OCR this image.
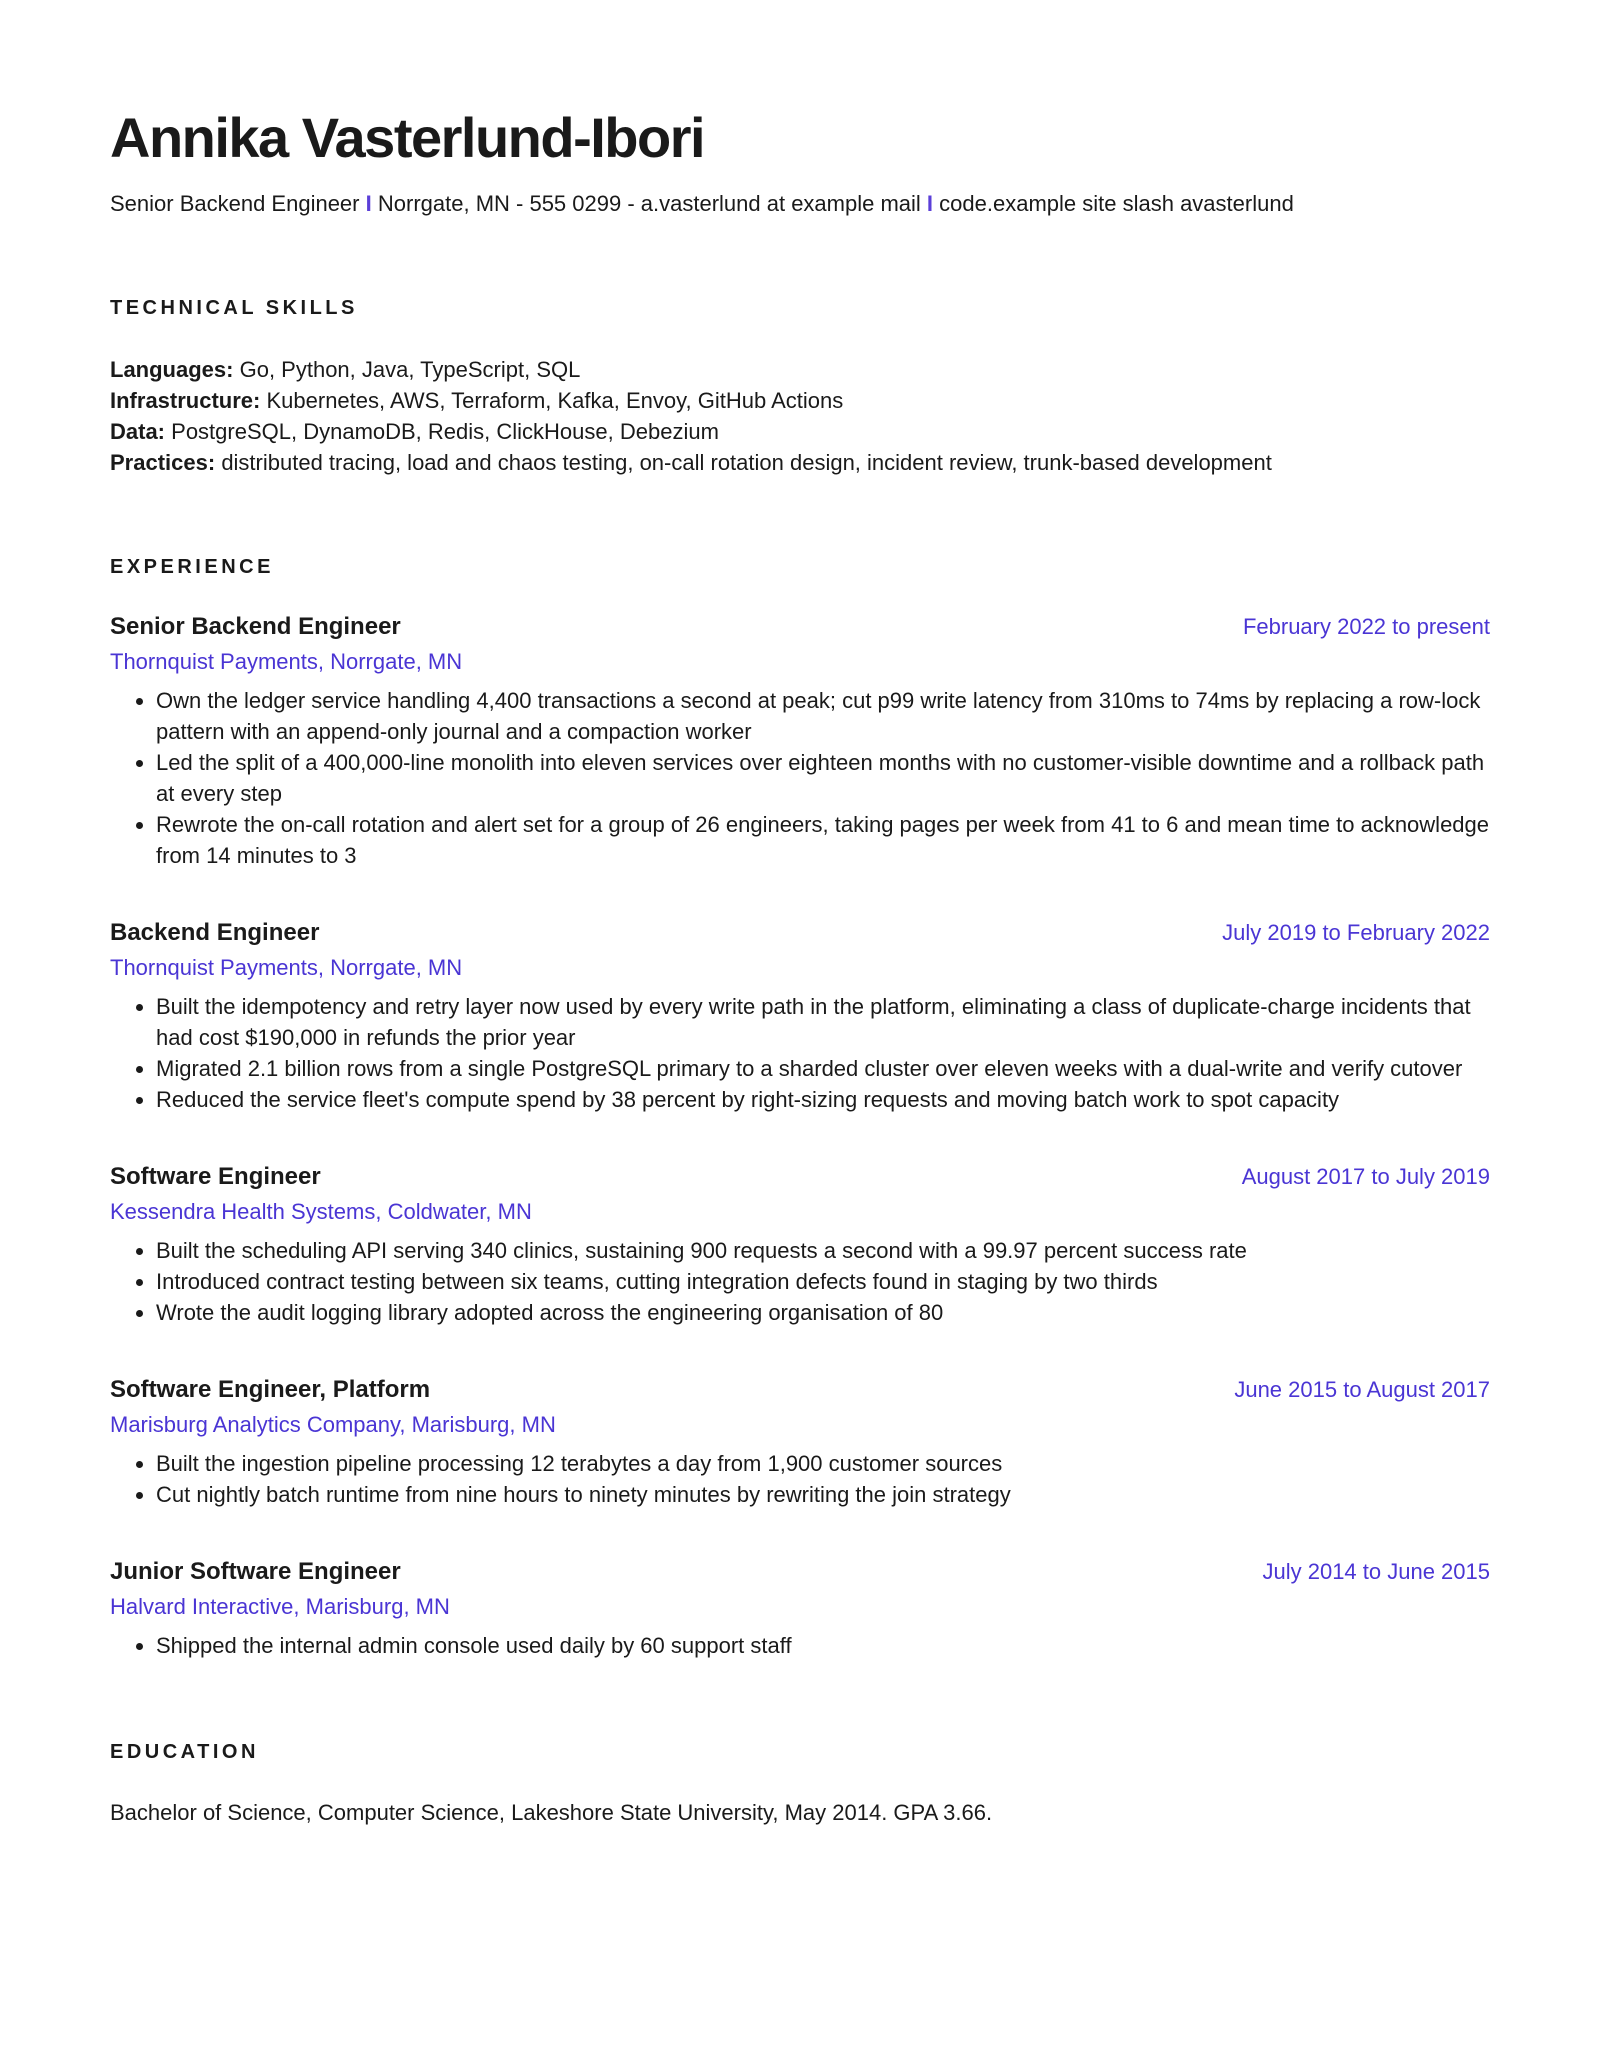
Annika Vasterlund-Ibori
Senior Backend Engineer I Norrgate, MN - 555 0299 - a.vasterlund at example mail I code.example site slash avasterlund
TECHNICAL SKILLS
Languages: Go, Python, Java, TypeScript, SQL
Infrastructure: Kubernetes, AWS, Terraform, Kafka, Envoy, GitHub Actions
Data: PostgreSQL, DynamoDB, Redis, ClickHouse, Debezium
Practices: distributed tracing, load and chaos testing, on-call rotation design, incident review, trunk-based development
EXPERIENCE
Senior Backend Engineer	February 2022 to present
Thornquist Payments, Norrgate, MN
• Own the ledger service handling 4,400 transactions a second at peak; cut p99 write latency from 310ms to 74ms by replacing a row-lock pattern with an append-only journal and a compaction worker
• Led the split of a 400,000-line monolith into eleven services over eighteen months with no customer-visible downtime and a rollback path at every step
• Rewrote the on-call rotation and alert set for a group of 26 engineers, taking pages per week from 41 to 6 and mean time to acknowledge from 14 minutes to 3
Backend Engineer	July 2019 to February 2022
Thornquist Payments, Norrgate, MN
• Built the idempotency and retry layer now used by every write path in the platform, eliminating a class of duplicate-charge incidents that had cost $190,000 in refunds the prior year
• Migrated 2.1 billion rows from a single PostgreSQL primary to a sharded cluster over eleven weeks with a dual-write and verify cutover
• Reduced the service fleet's compute spend by 38 percent by right-sizing requests and moving batch work to spot capacity
Software Engineer	August 2017 to July 2019
Kessendra Health Systems, Coldwater, MN
• Built the scheduling API serving 340 clinics, sustaining 900 requests a second with a 99.97 percent success rate
• Introduced contract testing between six teams, cutting integration defects found in staging by two thirds
• Wrote the audit logging library adopted across the engineering organisation of 80
Software Engineer, Platform	June 2015 to August 2017
Marisburg Analytics Company, Marisburg, MN
• Built the ingestion pipeline processing 12 terabytes a day from 1,900 customer sources
• Cut nightly batch runtime from nine hours to ninety minutes by rewriting the join strategy
Junior Software Engineer	July 2014 to June 2015
Halvard Interactive, Marisburg, MN
• Shipped the internal admin console used daily by 60 support staff
EDUCATION
Bachelor of Science, Computer Science, Lakeshore State University, May 2014. GPA 3.66.
